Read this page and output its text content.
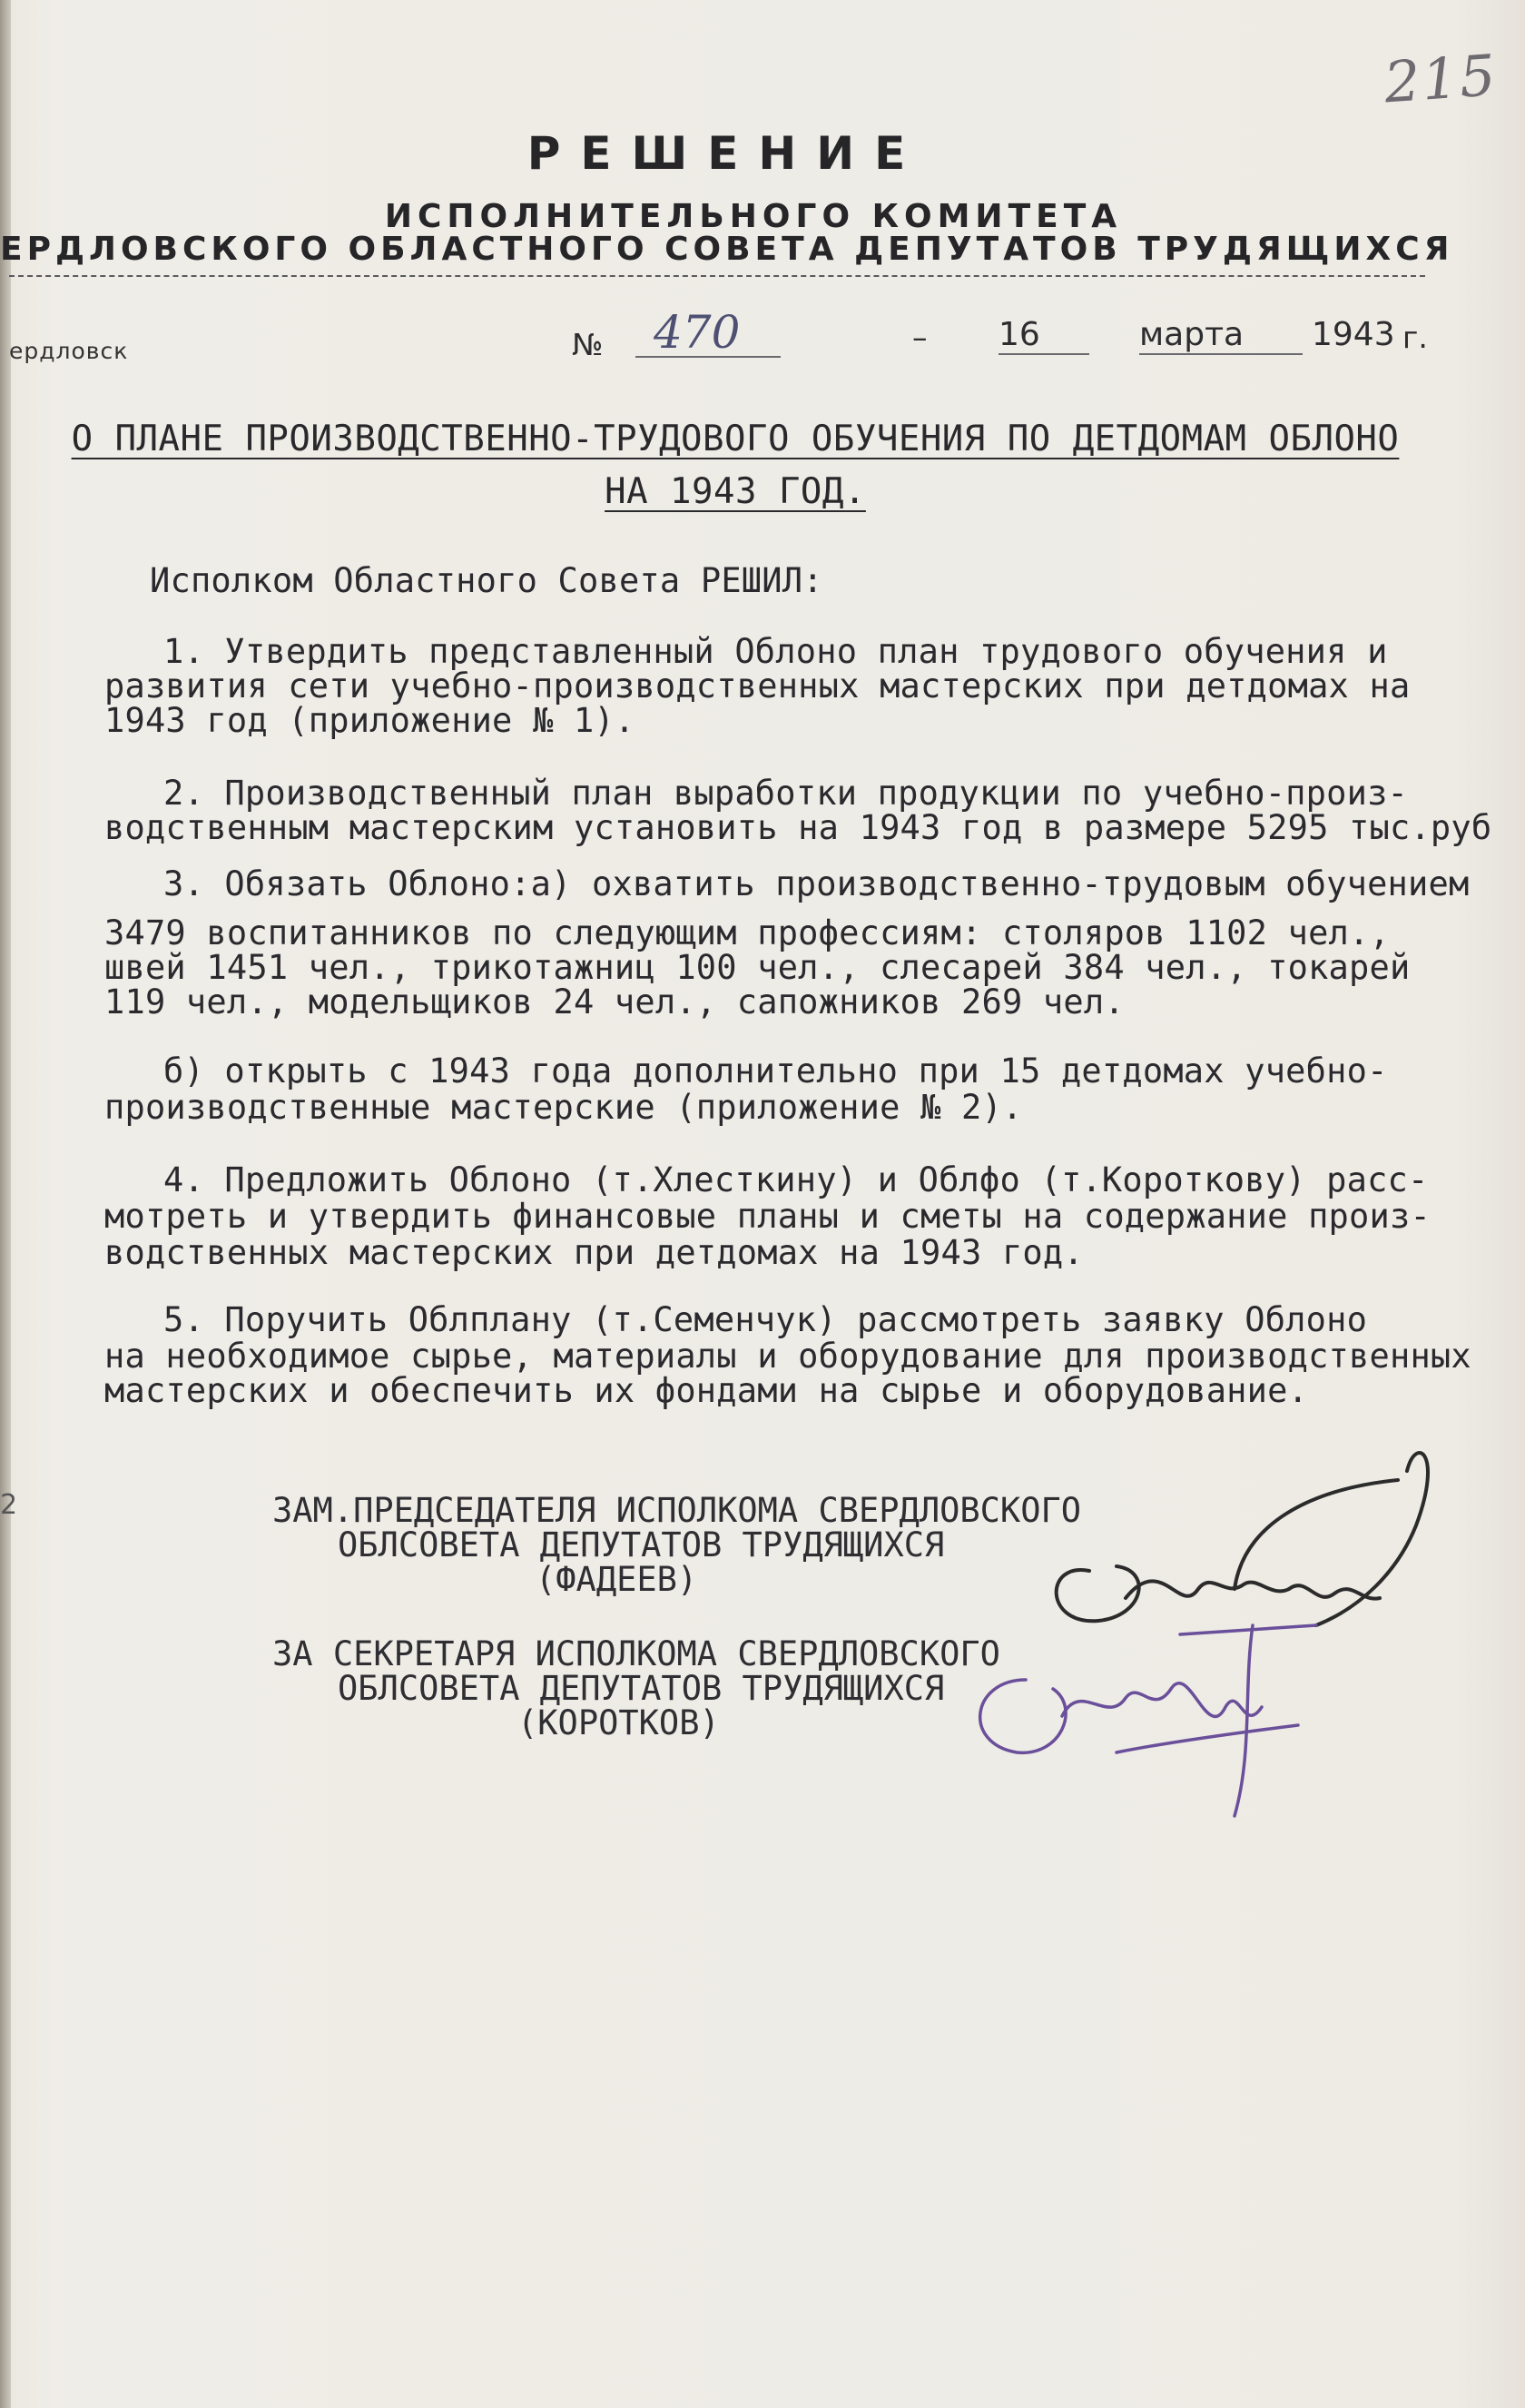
215
РЕШЕНИЕ
ИСПОЛНИТЕЛЬНОГО КОМИТЕТА
ЕРДЛОВСКОГО ОБЛАСТНОГО СОВЕТА ДЕПУТАТОВ ТРУДЯЩИХСЯ
ердловск	№	470	– 16	марта	1943 г.
О ПЛАНЕ ПРОИЗВОДСТВЕННО-ТРУДОВОГО ОБУЧЕНИЯ ПО ДЕТДОМАМ ОБЛОНО
НА 1943 ГОД.
Исполком Областного Совета РЕШИЛ:
1. Утвердить представленный Облоно план трудового обучения и
развития сети учебно-производственных мастерских при детдомах на
1943 год (приложение № 1).
2. Производственный план выработки продукции по учебно-произ-
водственным мастерским установить на 1943 год в размере 5295 тыс.руб
3. Обязать Облоно:а) охватить производственно-трудовым обучением
3479 воспитанников по следующим профессиям: столяров 1102 чел.,
швей 1451 чел., трикотажниц 100 чел., слесарей 384 чел., токарей
119 чел., модельщиков 24 чел., сапожников 269 чел.
б) открыть с 1943 года дополнительно при 15 детдомах учебно-
производственные мастерские (приложение № 2).
4. Предложить Облоно (т.Хлесткину) и Облфо (т.Короткову) расс-
мотреть и утвердить финансовые планы и сметы на содержание произ-
водственных мастерских при детдомах на 1943 год.
5. Поручить Облплану (т.Семенчук) рассмотреть заявку Облоно
на необходимое сырье, материалы и оборудование для производственных
мастерских и обеспечить их фондами на сырье и оборудование.
2	ЗАМ.ПРЕДСЕДАТЕЛЯ ИСПОЛКОМА СВЕРДЛОВСКОГО
ОБЛСОВЕТА ДЕПУТАТОВ ТРУДЯЩИХСЯ
(ФАДЕЕВ)
ЗА СЕКРЕТАРЯ ИСПОЛКОМА СВЕРДЛОВСКОГО
ОБЛСОВЕТА ДЕПУТАТОВ ТРУДЯЩИХСЯ
(КОРОТКОВ)
